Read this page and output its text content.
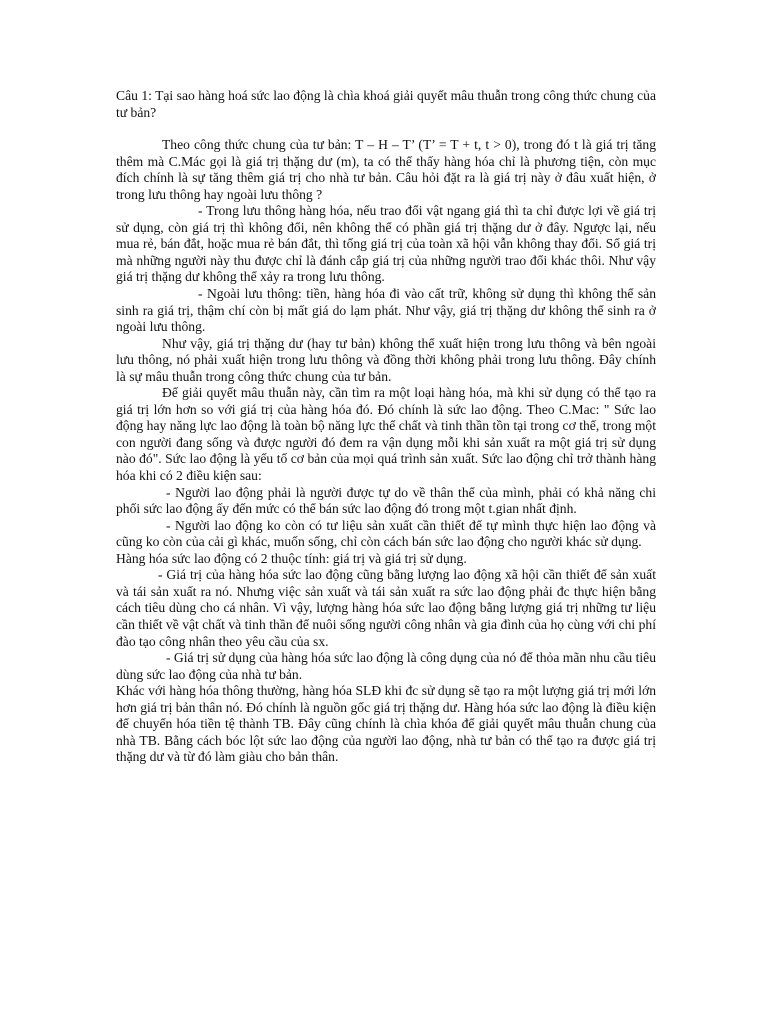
Câu 1: Tại sao hàng hoá sức lao động là chìa khoá giải quyết mâu thuẫn trong công thức chung của tư bản?

Theo công thức chung của tư bản: T – H – T’ (T’ = T + t, t > 0), trong đó t là giá trị tăng thêm mà C.Mác gọi là giá trị thặng dư (m), ta có thể thấy hàng hóa chỉ là phương tiện, còn mục đích chính là sự tăng thêm giá trị cho nhà tư bản. Câu hỏi đặt ra là giá trị này ở đâu xuất hiện, ở trong lưu thông hay ngoài lưu thông ?

- Trong lưu thông hàng hóa, nếu trao đổi vật ngang giá thì ta chỉ được lợi về giá trị sử dụng, còn giá trị thì không đổi, nên không thể có phần giá trị thặng dư ở đây. Ngược lại, nếu mua rẻ, bán đắt, hoặc mua rẻ bán đắt, thì tổng giá trị của toàn xã hội vẫn không thay đổi. Số giá trị mà những người này thu được chỉ là đánh cắp giá trị của những người trao đổi khác thôi. Như vậy giá trị thặng dư không thể xảy ra trong lưu thông.

- Ngoài lưu thông: tiền, hàng hóa đi vào cất trữ, không sử dụng thì không thể sản sinh ra giá trị, thậm chí còn bị mất giá do lạm phát. Như vậy, giá trị thặng dư không thể sinh ra ở ngoài lưu thông.

Như vậy, giá trị thặng dư (hay tư bản) không thể xuất hiện trong lưu thông và bên ngoài lưu thông, nó phải xuất hiện trong lưu thông và đồng thời không phải trong lưu thông. Đây chính là sự mâu thuẫn trong công thức chung của tư bản.

Để giải quyết mâu thuẫn này, cần tìm ra một loại hàng hóa, mà khi sử dụng có thể tạo ra giá trị lớn hơn so với giá trị của hàng hóa đó. Đó chính là sức lao động. Theo C.Mac: " Sức lao động hay năng lực lao động là toàn bộ năng lực thể chất và tinh thần tồn tại trong cơ thể, trong một con người đang sống và được người đó đem ra vận dụng mỗi khi sản xuất ra một giá trị sử dụng nào đó". Sức lao động là yếu tố cơ bản của mọi quá trình sản xuất. Sức lao động chỉ trở thành hàng hóa khi có 2 điều kiện sau:

- Người lao động phải là người được tự do về thân thể của mình, phải có khả năng chi phối sức lao động ấy đến mức có thể bán sức lao động đó trong một t.gian nhất định.

- Người lao động ko còn có tư liệu sản xuất cần thiết để tự mình thực hiện lao động và cũng ko còn của cải gì khác, muốn sống, chỉ còn cách bán sức lao động cho người khác sử dụng.

Hàng hóa sức lao động có 2 thuộc tính: giá trị và giá trị sử dụng.

- Giá trị của hàng hóa sức lao động cũng bằng lượng lao động xã hội cần thiết để sản xuất và tái sản xuất ra nó. Nhưng việc sản xuất và tái sản xuất ra sức lao động phải đc thực hiện bằng cách tiêu dùng cho cá nhân. Vì vậy, lượng hàng hóa sức lao động bằng lượng giá trị những tư liệu cần thiết về vật chất và tinh thần để nuôi sống người công nhân và gia đình của họ cùng với chi phí đào tạo công nhân theo yêu cầu của sx.

- Giá trị sử dụng của hàng hóa sức lao động là công dụng của nó để thỏa mãn nhu cầu tiêu dùng sức lao động của nhà tư bản.

Khác với hàng hóa thông thường, hàng hóa SLĐ khi đc sử dụng sẽ tạo ra một lượng giá trị mới lớn hơn giá trị bản thân nó. Đó chính là nguồn gốc giá trị thặng dư. Hàng hóa sức lao động là điều kiện để chuyển hóa tiền tệ thành TB. Đây cũng chính là chìa khóa để giải quyết mâu thuẫn chung của nhà TB. Bằng cách bóc lột sức lao động của người lao động, nhà tư bản có thể tạo ra được giá trị thặng dư và từ đó làm giàu cho bản thân.
